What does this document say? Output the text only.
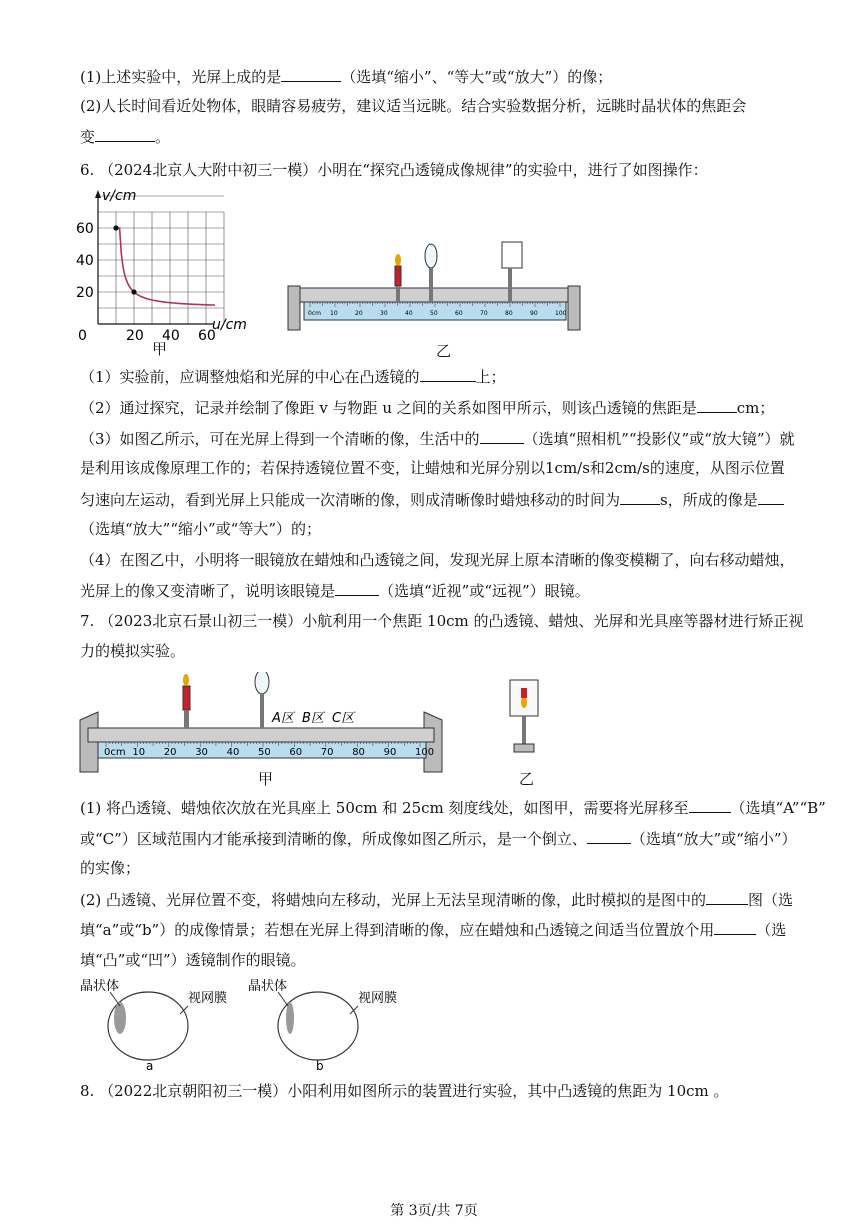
(1)上述实验中，光屏上成的是	（选填“缩小”、“等大”或“放大”）的像；
(2)人长时间看近处物体，眼睛容易疲劳，建议适当远眺。结合实验数据分析，远眺时晶状体的焦距会
变	。
6. （2024北京人大附中初三一模）小明在“探究凸透镜成像规律”的实验中，进行了如图操作：
v/cm
u/cm
60
40
20
0	20 40 60
甲
0cm 10	20	30	40	50	60	70	80	90	100
乙
（1）实验前，应调整烛焰和光屏的中心在凸透镜的	上；
（2）通过探究，记录并绘制了像距 v 与物距 u 之间的关系如图甲所示，则该凸透镜的焦距是	cm；
（3）如图乙所示，可在光屏上得到一个清晰的像，生活中的	（选填“照相机”“投影仪”或“放大镜”）就
是利用该成像原理工作的；若保持透镜位置不变，让蜡烛和光屏分别以1cm/s和2cm/s的速度，从图示位置
匀速向左运动，看到光屏上只能成一次清晰的像，则成清晰像时蜡烛移动的时间为	s，所成的像是
（选填“放大”“缩小”或“等大”）的；
（4）在图乙中，小明将一眼镜放在蜡烛和凸透镜之间，发现光屏上原本清晰的像变模糊了，向右移动蜡烛，
光屏上的像又变清晰了，说明该眼镜是	（选填“近视”或“远视”）眼镜。
7. （2023北京石景山初三一模）小航利用一个焦距 10cm 的凸透镜、蜡烛、光屏和光具座等器材进行矫正视
力的模拟实验。
0cm 10 20 30 40 50 60 70 80 90 100
A区 B区 C区
甲	乙
(1) 将凸透镜、蜡烛依次放在光具座上 50cm 和 25cm 刻度线处，如图甲，需要将光屏移至	（选填“A”“B”
或“C”）区域范围内才能承接到清晰的像，所成像如图乙所示，是一个倒立、	（选填“放大”或“缩小”）
的实像；
(2) 凸透镜、光屏位置不变，将蜡烛向左移动，光屏上无法呈现清晰的像，此时模拟的是图中的	图（选
填“a”或“b”）的成像情景；若想在光屏上得到清晰的像，应在蜡烛和凸透镜之间适当位置放个用	（选
填“凸”或“凹”）透镜制作的眼镜。
晶状体
视网膜
a
晶状体
视网膜
b
8. （2022北京朝阳初三一模）小阳利用如图所示的装置进行实验，其中凸透镜的焦距为 10cm 。
第 3页/共 7页
